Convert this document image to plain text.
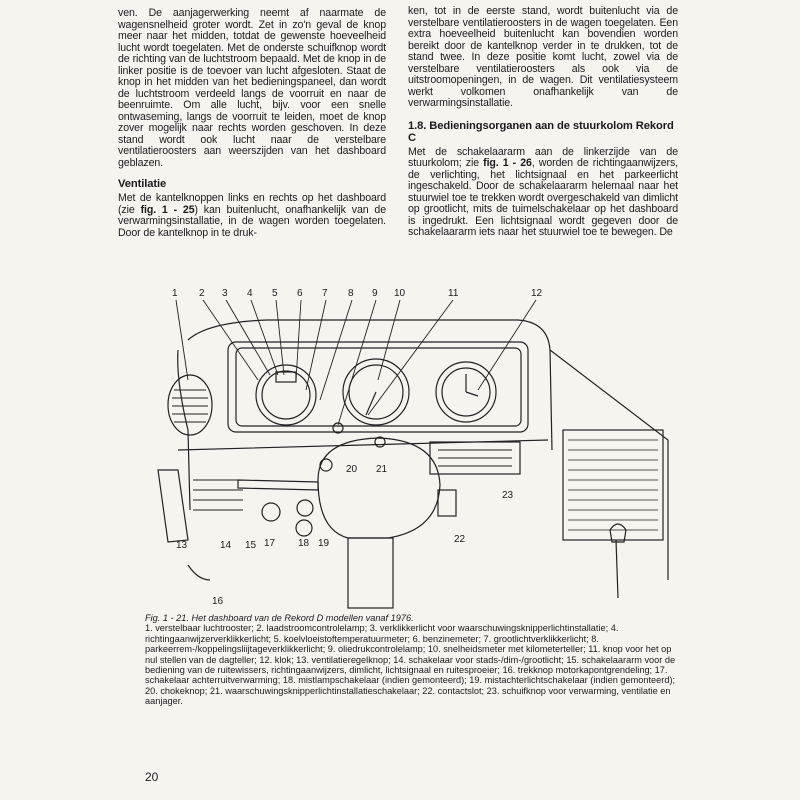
ven. De aanjagerwerking neemt af naarmate de wagensnelheid groter wordt. Zet in zo'n geval de knop meer naar het midden, totdat de gewenste hoeveelheid lucht wordt toegelaten. Met de onderste schuifknop wordt de richting van de luchtstroom bepaald. Met de knop in de linker positie is de toevoer van lucht afgesloten. Staat de knop in het midden van het bedieningspaneel, dan wordt de luchtstroom verdeeld langs de voorruit en naar de beenruimte. Om alle lucht, bijv. voor een snelle ontwaseming, langs de voorruit te leiden, moet de knop zover mogelijk naar rechts worden geschoven. In deze stand wordt ook lucht naar de verstelbare ventilatieroosters aan weerszijden van het dashboard geblazen.

Ventilatie

Met de kantelknoppen links en rechts op het dashboard (zie fig. 1 - 25) kan buitenlucht, onafhankelijk van de verwarmingsinstallatie, in de wagen worden toegelaten. Door de kantelknop in te druk-

ken, tot in de eerste stand, wordt buitenlucht via de verstelbare ventilatieroosters in de wagen toegelaten. Een extra hoeveelheid buitenlucht kan bovendien worden bereikt door de kantelknop verder in te drukken, tot de stand twee. In deze positie komt lucht, zowel via de verstelbare ventilatieroosters als ook via de uitstroomopeningen, in de wagen. Dit ventilatiesysteem werkt volkomen onafhankelijk van de verwarmingsinstallatie.

1.8. Bedieningsorganen aan de stuurkolom Rekord C

Met de schakelaararm aan de linkerzijde van de stuurkolom; zie fig. 1 - 26, worden de richtingaanwijzers, de verlichting, het lichtsignaal en het parkeerlicht ingeschakeld. Door de schakelaararm helemaal naar het stuurwiel toe te trekken wordt overgeschakeld van dimlicht op grootlicht, mits de tuimelschakelaar op het dashboard is ingedrukt. Een lichtsignaal wordt gegeven door de schakelaararm iets naar het stuurwiel toe te bewegen. De

1 2 3 4 5 6 7 8 9 10	11	12
13	14 15
16
17 18 19
20 21
22
23
Fig. 1 - 21. Het dashboard van de Rekord D modellen vanaf 1976.
1. verstelbaar luchtrooster; 2. laadstroomcontrolelamp; 3. verklikkerlicht voor waarschuwingsknipperlichtinstallatie; 4. richtingaanwijzerverklikkerlicht; 5. koelvloeistoftemperatuurmeter; 6. benzinemeter; 7. grootlichtverklikkerlicht; 8. parkeerrem-/koppelingsliijtageverklikkerlicht; 9. oliedrukcontrolelamp; 10. snelheidsmeter met kilometerteller; 11. knop voor het op nul stellen van de dagteller; 12. klok; 13. ventilatieregelknop; 14. schakelaar voor stads-/dim-/grootlicht; 15. schakelaararm voor de bediening van de ruitewissers, richtingaanwijzers, dimlicht, lichtsignaal en ruitesproeier; 16. trekknop motorkapontgrendeling; 17. schakelaar achterruitverwarming; 18. mistlampschakelaar (indien gemonteerd); 19. mistachterlichtschakelaar (indien gemonteerd); 20. chokeknop; 21. waarschuwingsknipperlichtinstallatieschakelaar; 22. contactslot; 23. schuifknop voor verwarming, ventilatie en aanjager.
20
